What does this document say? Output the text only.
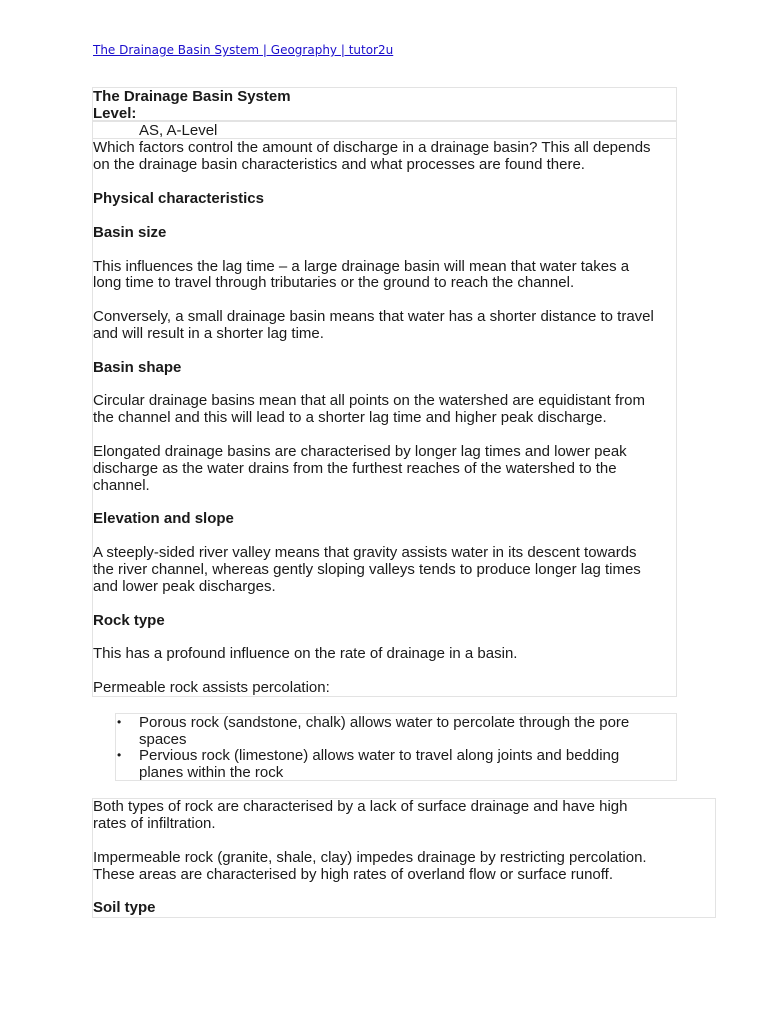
The Drainage Basin System | Geography | tutor2u
The Drainage Basin System
Level:
AS, A-Level
Which factors control the amount of discharge in a drainage basin? This all depends
on the drainage basin characteristics and what processes are found there.
Physical characteristics
Basin size
This influences the lag time – a large drainage basin will mean that water takes a
long time to travel through tributaries or the ground to reach the channel.
Conversely, a small drainage basin means that water has a shorter distance to travel
and will result in a shorter lag time.
Basin shape
Circular drainage basins mean that all points on the watershed are equidistant from
the channel and this will lead to a shorter lag time and higher peak discharge.
Elongated drainage basins are characterised by longer lag times and lower peak
discharge as the water drains from the furthest reaches of the watershed to the
channel.
Elevation and slope
A steeply-sided river valley means that gravity assists water in its descent towards
the river channel, whereas gently sloping valleys tends to produce longer lag times
and lower peak discharges.
Rock type
This has a profound influence on the rate of drainage in a basin.
Permeable rock assists percolation:
• Porous rock (sandstone, chalk) allows water to percolate through the pore
spaces
• Pervious rock (limestone) allows water to travel along joints and bedding
planes within the rock
Both types of rock are characterised by a lack of surface drainage and have high
rates of infiltration.
Impermeable rock (granite, shale, clay) impedes drainage by restricting percolation.
These areas are characterised by high rates of overland flow or surface runoff.
Soil type
